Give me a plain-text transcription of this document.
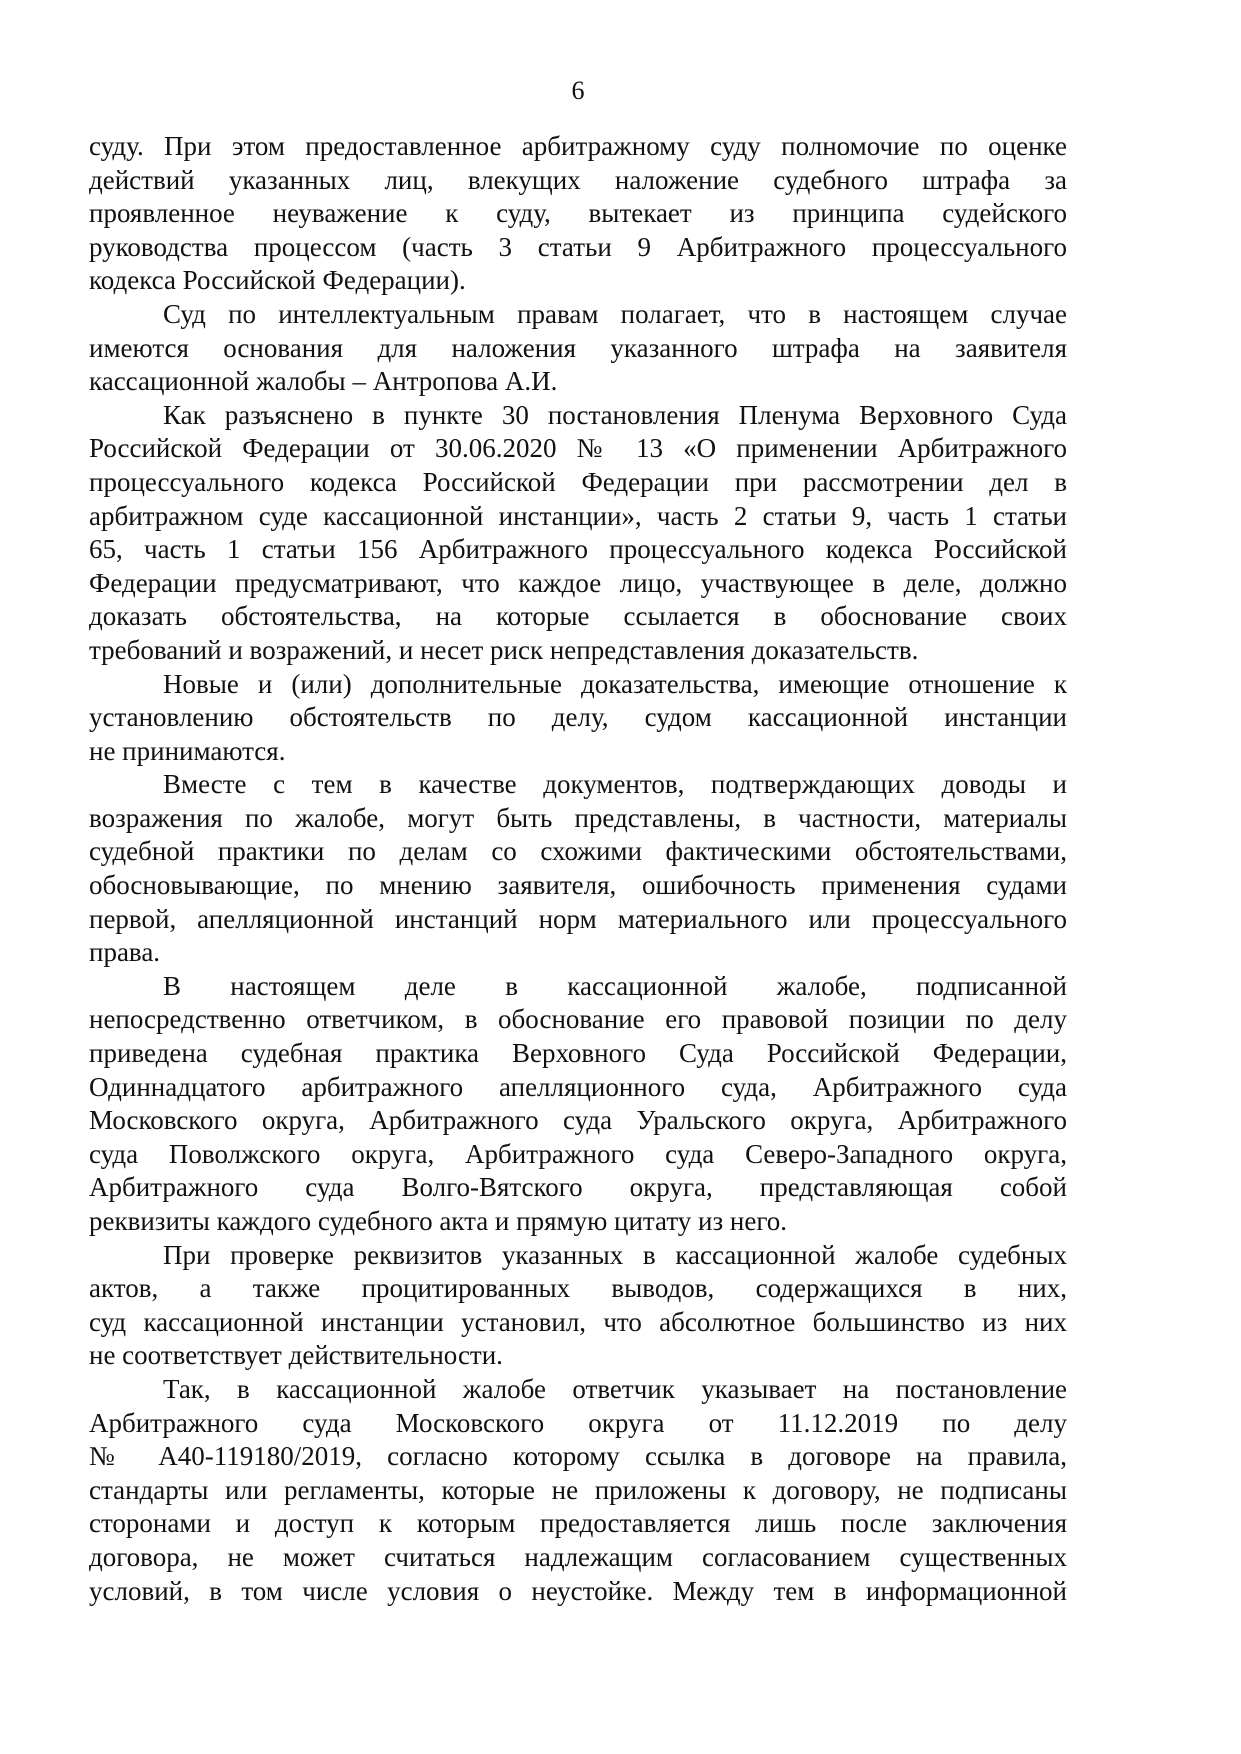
6
суду. При этом предоставленное арбитражному суду полномочие по оценке
действий указанных лиц, влекущих наложение судебного штрафа за
проявленное неуважение к суду, вытекает из принципа судейского
руководства процессом (часть 3 статьи 9 Арбитражного процессуального
кодекса Российской Федерации).
Суд по интеллектуальным правам полагает, что в настоящем случае
имеются основания для наложения указанного штрафа на заявителя
кассационной жалобы – Антропова А.И.
Как разъяснено в пункте 30 постановления Пленума Верховного Суда
Российской Федерации от 30.06.2020 № 13 «О применении Арбитражного
процессуального кодекса Российской Федерации при рассмотрении дел в
арбитражном суде кассационной инстанции», часть 2 статьи 9, часть 1 статьи
65, часть 1 статьи 156 Арбитражного процессуального кодекса Российской
Федерации предусматривают, что каждое лицо, участвующее в деле, должно
доказать обстоятельства, на которые ссылается в обоснование своих
требований и возражений, и несет риск непредставления доказательств.
Новые и (или) дополнительные доказательства, имеющие отношение к
установлению обстоятельств по делу, судом кассационной инстанции
не принимаются.
Вместе с тем в качестве документов, подтверждающих доводы и
возражения по жалобе, могут быть представлены, в частности, материалы
судебной практики по делам со схожими фактическими обстоятельствами,
обосновывающие, по мнению заявителя, ошибочность применения судами
первой, апелляционной инстанций норм материального или процессуального
права.
В настоящем деле в кассационной жалобе, подписанной
непосредственно ответчиком, в обоснование его правовой позиции по делу
приведена судебная практика Верховного Суда Российской Федерации,
Одиннадцатого арбитражного апелляционного суда, Арбитражного суда
Московского округа, Арбитражного суда Уральского округа, Арбитражного
суда Поволжского округа, Арбитражного суда Северо-Западного округа,
Арбитражного суда Волго-Вятского округа, представляющая собой
реквизиты каждого судебного акта и прямую цитату из него.
При проверке реквизитов указанных в кассационной жалобе судебных
актов, а также процитированных выводов, содержащихся в них,
суд кассационной инстанции установил, что абсолютное большинство из них
не соответствует действительности.
Так, в кассационной жалобе ответчик указывает на постановление
Арбитражного суда Московского округа от 11.12.2019 по делу
№ А40-119180/2019, согласно которому ссылка в договоре на правила,
стандарты или регламенты, которые не приложены к договору, не подписаны
сторонами и доступ к которым предоставляется лишь после заключения
договора, не может считаться надлежащим согласованием существенных
условий, в том числе условия о неустойке. Между тем в информационной
